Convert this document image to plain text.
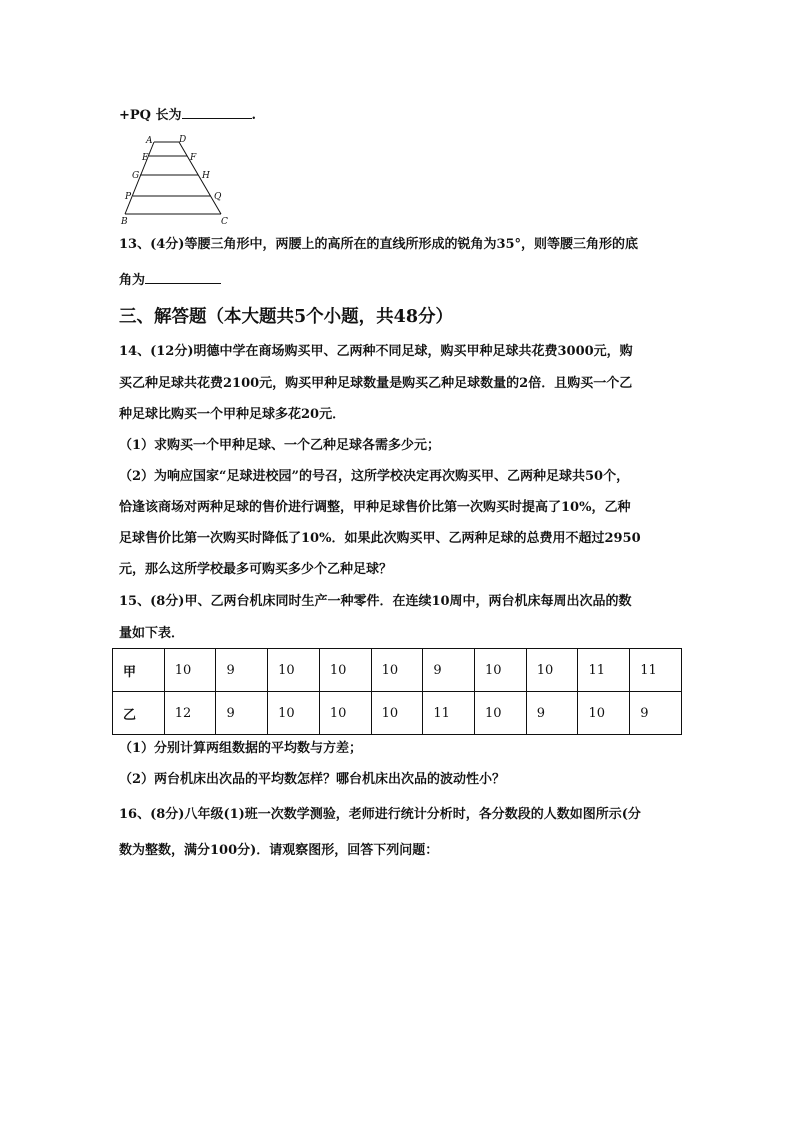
+PQ 长为	.
A	D
E	F
G	H
P	Q
B	C
13、(4分)等腰三角形中，两腰上的高所在的直线所形成的锐角为35°，则等腰三角形的底
角为
三、解答题（本大题共5个小题，共48分）
14、(12分)明德中学在商场购买甲、乙两种不同足球，购买甲种足球共花费3000元，购
买乙种足球共花费2100元，购买甲种足球数量是购买乙种足球数量的2倍．且购买一个乙
种足球比购买一个甲种足球多花20元．
（1）求购买一个甲种足球、一个乙种足球各需多少元；
（2）为响应国家“足球进校园”的号召，这所学校决定再次购买甲、乙两种足球共50个，
恰逢该商场对两种足球的售价进行调整，甲种足球售价比第一次购买时提高了10%，乙种
足球售价比第一次购买时降低了10%．如果此次购买甲、乙两种足球的总费用不超过2950
元，那么这所学校最多可购买多少个乙种足球？
15、(8分)甲、乙两台机床同时生产一种零件．在连续10周中，两台机床每周出次品的数
量如下表．
甲	10	9	10	10	10	9	10	10	11	11
乙	12	9	10	10	10	11	10	9	10	9
（1）分别计算两组数据的平均数与方差；
（2）两台机床出次品的平均数怎样？哪台机床出次品的波动性小？
16、(8分)八年级(1)班一次数学测验，老师进行统计分析时，各分数段的人数如图所示(分
数为整数，满分100分)．请观察图形，回答下列问题：
